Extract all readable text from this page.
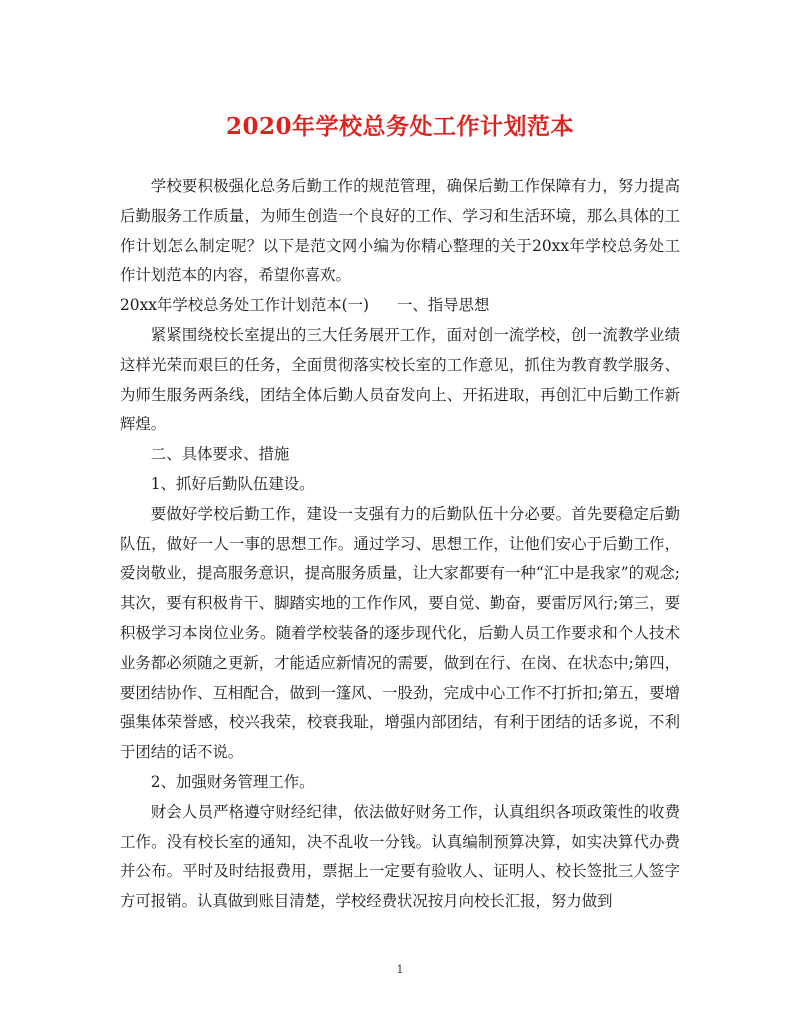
2020年学校总务处工作计划范本

学校要积极强化总务后勤工作的规范管理，确保后勤工作保障有力，努力提高后勤服务工作质量，为师生创造一个良好的工作、学习和生活环境，那么具体的工作计划怎么制定呢？以下是范文网小编为你精心整理的关于20xx年学校总务处工作计划范本的内容，希望你喜欢。

20xx年学校总务处工作计划范本(一) 一、指导思想

紧紧围绕校长室提出的三大任务展开工作，面对创一流学校，创一流教学业绩这样光荣而艰巨的任务，全面贯彻落实校长室的工作意见，抓住为教育教学服务、为师生服务两条线，团结全体后勤人员奋发向上、开拓进取，再创汇中后勤工作新辉煌。

二、具体要求、措施

1、抓好后勤队伍建设。

要做好学校后勤工作，建设一支强有力的后勤队伍十分必要。首先要稳定后勤队伍，做好一人一事的思想工作。通过学习、思想工作，让他们安心于后勤工作，爱岗敬业，提高服务意识，提高服务质量，让大家都要有一种“汇中是我家”的观念;其次，要有积极肯干、脚踏实地的工作作风，要自觉、勤奋，要雷厉风行;第三，要积极学习本岗位业务。随着学校装备的逐步现代化，后勤人员工作要求和个人技术业务都必须随之更新，才能适应新情况的需要，做到在行、在岗、在状态中;第四，要团结协作、互相配合，做到一篷风、一股劲，完成中心工作不打折扣;第五，要增强集体荣誉感，校兴我荣，校衰我耻，增强内部团结，有利于团结的话多说，不利于团结的话不说。

2、加强财务管理工作。

财会人员严格遵守财经纪律，依法做好财务工作，认真组织各项政策性的收费工作。没有校长室的通知，决不乱收一分钱。认真编制预算决算，如实决算代办费并公布。平时及时结报费用，票据上一定要有验收人、证明人、校长签批三人签字方可报销。认真做到账目清楚，学校经费状况按月向校长汇报，努力做到

1
